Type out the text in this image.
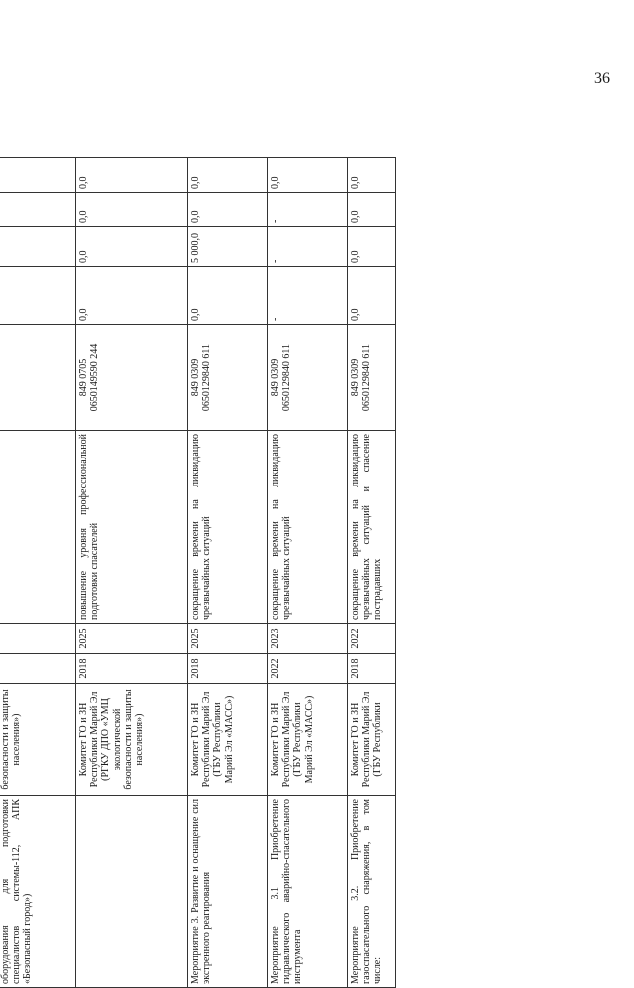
36

оборудования для подготовки специалистов системы-112, АПК «Безопасный город»)	безопасности и защиты населения»)				

	Комитет ГО и ЗН Республики Марий Эл (РГКУ ДПО «УМЦ экологической безопасности и защиты населения»)	2018	2025	повышение уровня профессиональной подготовки спасателей	849 0705 0650149590 244	0,0	0,0	0,0	0,0
Мероприятие 3. Развитие и оснащение сил экстренного реагирования	Комитет ГО и ЗН Республики Марий Эл (ГБУ Республики Марий Эл «МАСС»)	2018	2025	сокращение времени на ликвидацию чрезвычайных ситуаций	849 0309 0650129840 611	0,0	5 000,0	0,0	0,0
Мероприятие 3.1 Приобретение гидравлического аварийно-спасательного инструмента	Комитет ГО и ЗН Республики Марий Эл (ГБУ Республики Марий Эл «МАСС»)	2022	2023	сокращение времени на ликвидацию чрезвычайных ситуаций	849 0309 0650129840 611	-	-	-	0,0
Мероприятие 3.2. Приобретение газоспасательного снаряжения, в том числе:	Комитет ГО и ЗН Республики Марий Эл (ГБУ Республики	2018	2022	сокращение времени на ликвидацию чрезвычайных ситуаций и спасение пострадавших	849 0309 0650129840 611	0,0	0,0	0,0	0,0
